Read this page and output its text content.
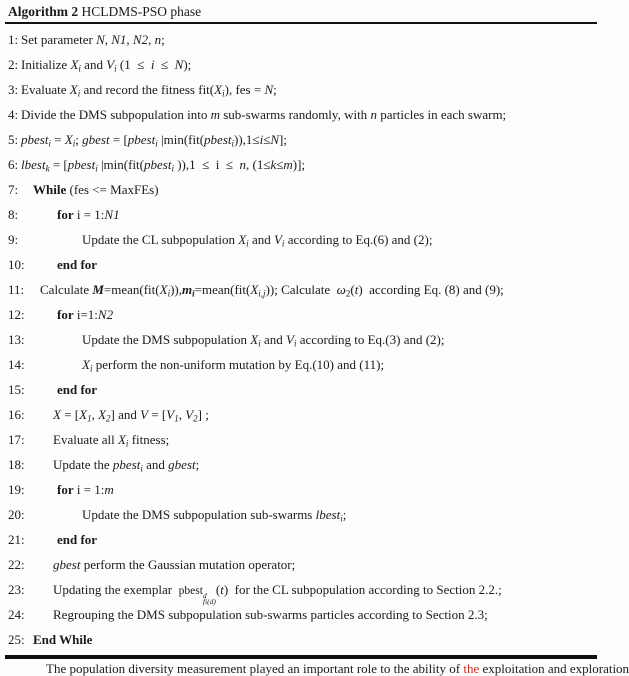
Algorithm 2 HCLDMS-PSO phase
1: Set parameter N, N1, N2, n;
2: Initialize Xi and Vi (1  ≤  i  ≤  N);
3: Evaluate Xi and record the fitness fit(Xi), fes = N;
4: Divide the DMS subpopulation into m sub-swarms randomly, with n particles in each swarm;
5: pbesti = Xi; gbest = [pbesti |min(fit(pbesti)),1≤i≤N];
6: lbestk = [pbesti |min(fit(pbesti )),1  ≤  i  ≤  n, (1≤k≤m)];
7:	While (fes <= MaxFEs)
8:	for i = 1:N1
9:	Update the CL subpopulation Xi and Vi according to Eq.(6) and (2);
10:	end for
11:	Calculate M=mean(fit(Xi)),mi=mean(fit(Xi,j)); Calculate  ω2(t)  according Eq. (8) and (9);
12:	for i=1:N2
13:	Update the DMS subpopulation Xi and Vi according to Eq.(3) and (2);
14:	Xi perform the non-uniform mutation by Eq.(10) and (11);
15:	end for
16:	X = [X1, X2] and V = [V1, V2] ;
17:	Evaluate all Xi fitness;
18:	Update the pbesti and gbest;
19:	for i = 1:m
20:	Update the DMS subpopulation sub-swarms lbesti;
21:	end for
22:	gbest perform the Gaussian mutation operator;
23:	Updating the exemplar  pbest d
fi(d)
(t)  for the CL subpopulation according to Section 2.2.;
24:	Regrouping the DMS subpopulation sub-swarms particles according to Section 2.3;
25: End While
The population diversity measurement played an important role to the ability of the exploitation and exploration
